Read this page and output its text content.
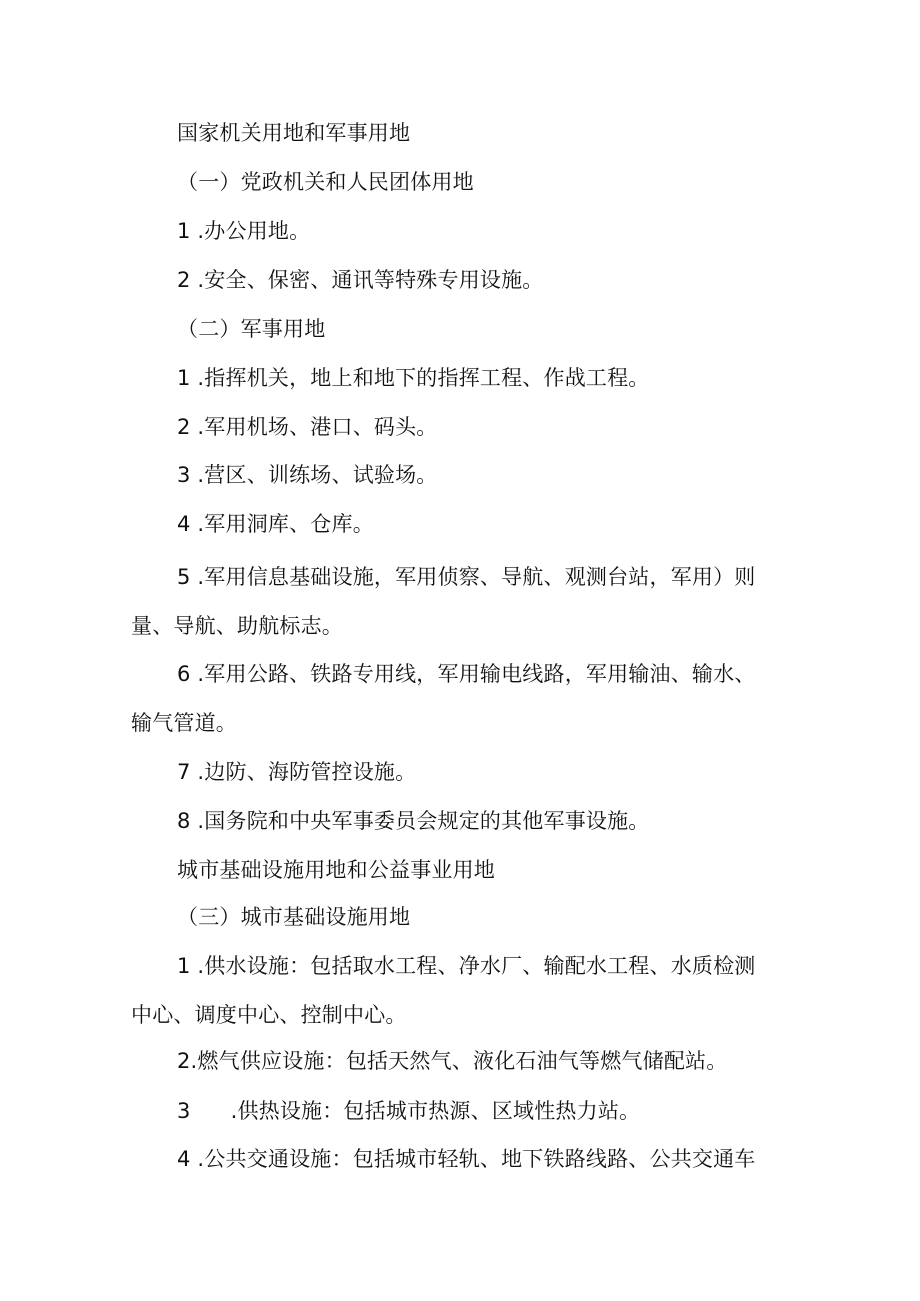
国家机关用地和军事用地
（一）党政机关和人民团体用地
1 .办公用地。
2 .安全、保密、通讯等特殊专用设施。
（二）军事用地
1 .指挥机关，地上和地下的指挥工程、作战工程。
2 .军用机场、港口、码头。
3 .营区、训练场、试验场。
4 .军用洞库、仓库。
5 .军用信息基础设施，军用侦察、导航、观测台站，军用）则
量、导航、助航标志。
6 .军用公路、铁路专用线，军用输电线路，军用输油、输水、
输气管道。
7 .边防、海防管控设施。
8 .国务院和中央军事委员会规定的其他军事设施。
城市基础设施用地和公益事业用地
（三）城市基础设施用地
1 .供水设施：包括取水工程、净水厂、输配水工程、水质检测
中心、调度中心、控制中心。
2.燃气供应设施：包括天然气、液化石油气等燃气储配站。
3 .供热设施：包括城市热源、区域性热力站。
4 .公共交通设施：包括城市轻轨、地下铁路线路、公共交通车
